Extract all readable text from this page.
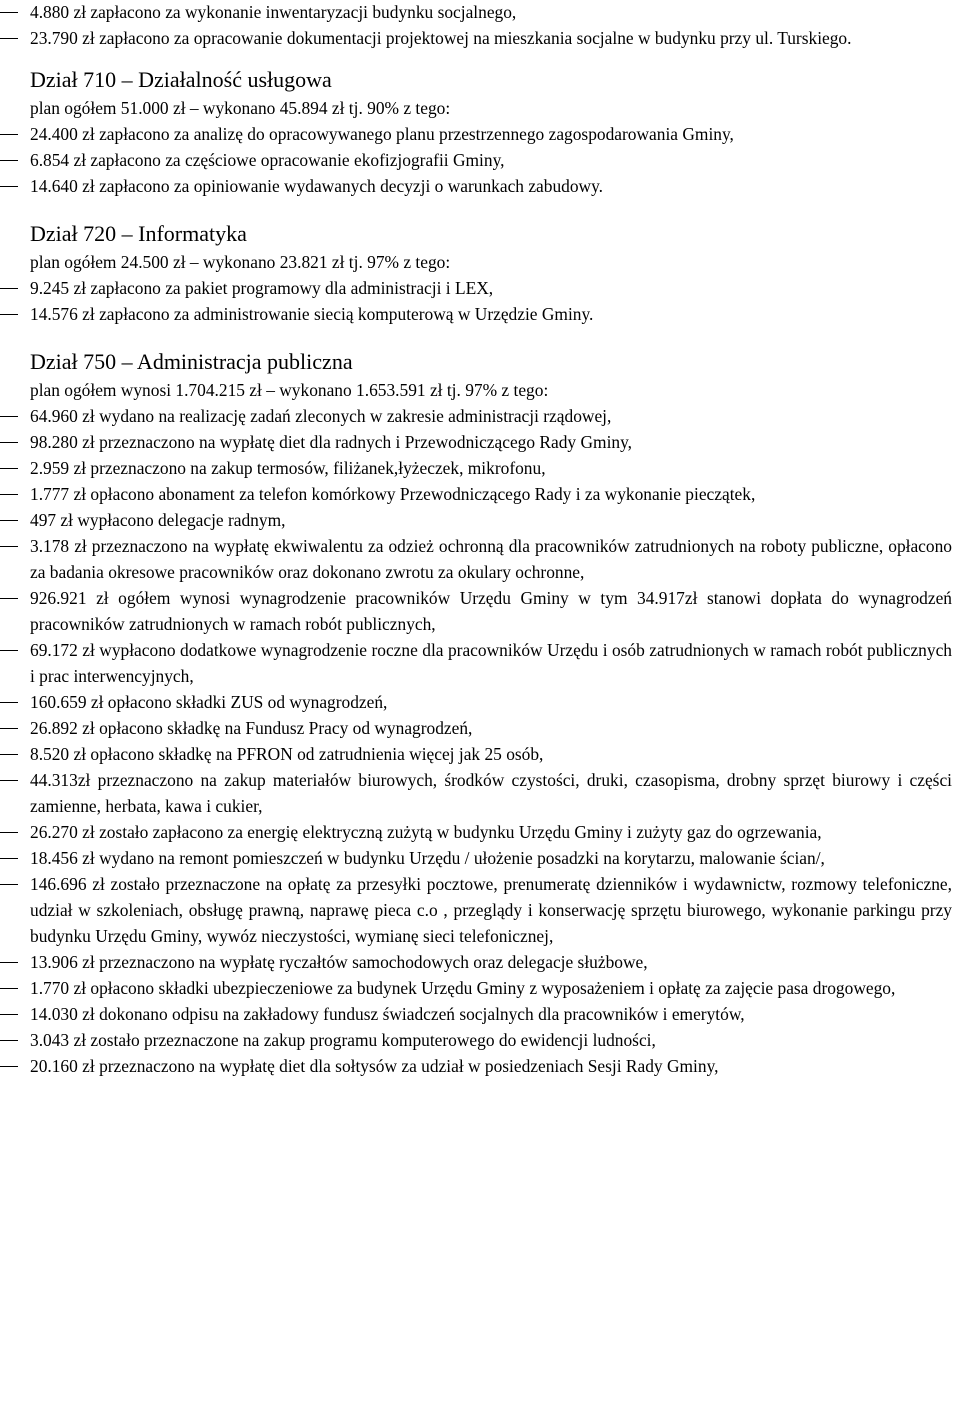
4.880 zł zapłacono za wykonanie inwentaryzacji budynku socjalnego,

23.790 zł zapłacono za opracowanie dokumentacji projektowej na mieszkania socjalne w budynku przy ul. Turskiego.

Dział 710 – Działalność usługowa

plan ogółem 51.000 zł – wykonano 45.894 zł tj. 90% z tego:

24.400 zł zapłacono za analizę do opracowywanego planu przestrzennego zagospodarowania Gminy,

6.854 zł zapłacono za częściowe opracowanie ekofizjografii Gminy,

14.640 zł zapłacono za opiniowanie wydawanych decyzji o warunkach zabudowy.

Dział 720 – Informatyka

plan ogółem 24.500 zł – wykonano 23.821 zł tj. 97% z tego:

9.245 zł zapłacono za pakiet programowy dla administracji i LEX,

14.576 zł zapłacono za administrowanie siecią komputerową w Urzędzie Gminy.

Dział 750 – Administracja publiczna

plan ogółem wynosi 1.704.215 zł – wykonano 1.653.591 zł tj. 97% z tego:

64.960 zł wydano na realizację zadań zleconych w zakresie administracji rządowej,

98.280 zł przeznaczono na wypłatę diet dla radnych i Przewodniczącego Rady Gminy,

2.959 zł przeznaczono na zakup termosów, filiżanek,łyżeczek, mikrofonu,

1.777 zł opłacono abonament za telefon komórkowy Przewodniczącego Rady i za wykonanie pieczątek,

497 zł wypłacono delegacje radnym,

3.178 zł przeznaczono na wypłatę ekwiwalentu za odzież ochronną dla pracowników zatrudnionych na roboty publiczne, opłacono za badania okresowe pracowników oraz dokonano zwrotu za okulary ochronne,

926.921 zł ogółem wynosi wynagrodzenie pracowników Urzędu Gminy w tym 34.917zł stanowi dopłata do wynagrodzeń pracowników zatrudnionych w ramach robót publicznych,

69.172 zł wypłacono dodatkowe wynagrodzenie roczne dla pracowników Urzędu i osób zatrudnionych w ramach robót publicznych i prac interwencyjnych,

160.659 zł opłacono składki ZUS od wynagrodzeń,

26.892 zł opłacono składkę na Fundusz Pracy od wynagrodzeń,

8.520 zł opłacono składkę na PFRON od zatrudnienia więcej jak 25 osób,

44.313zł przeznaczono na zakup materiałów biurowych, środków czystości, druki, czasopisma, drobny sprzęt biurowy i części zamienne, herbata, kawa i cukier,

26.270 zł zostało zapłacono za energię elektryczną zużytą w budynku Urzędu Gminy i zużyty gaz do ogrzewania,

18.456 zł wydano na remont pomieszczeń w budynku Urzędu / ułożenie posadzki na korytarzu, malowanie ścian/,

146.696 zł zostało przeznaczone na opłatę za przesyłki pocztowe, prenumeratę dzienników i wydawnictw, rozmowy telefoniczne, udział w szkoleniach, obsługę prawną, naprawę pieca c.o , przeglądy i konserwację sprzętu biurowego, wykonanie parkingu przy budynku Urzędu Gminy, wywóz nieczystości, wymianę sieci telefonicznej,

13.906 zł przeznaczono na wypłatę ryczałtów samochodowych oraz delegacje służbowe,

1.770 zł opłacono składki ubezpieczeniowe za budynek Urzędu Gminy z wyposażeniem i opłatę za zajęcie pasa drogowego,

14.030 zł dokonano odpisu na zakładowy fundusz świadczeń socjalnych dla pracowników i emerytów,

3.043 zł zostało przeznaczone na zakup programu komputerowego do ewidencji ludności,

20.160 zł przeznaczono na wypłatę diet dla sołtysów za udział w posiedzeniach Sesji Rady Gminy,
